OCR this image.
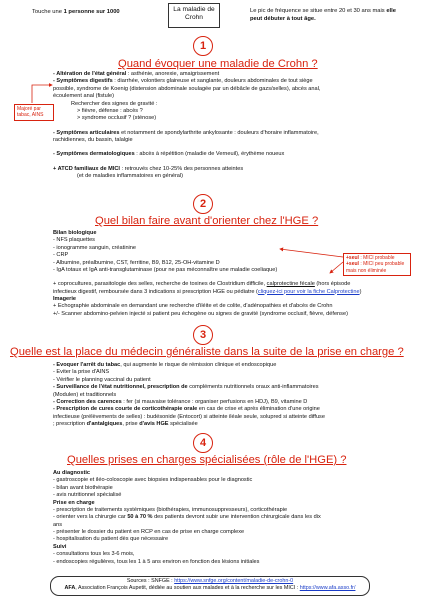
Touche une 1 personne sur 1000	La maladie de
Crohn
Le pic de fréquence se situe entre 20 et 30 ans mais elle peut débuter à tout âge.
1
Quand évoquer une maladie de Crohn ?

- Altération de l'état général : asthénie, anorexie, amaigrissement

- Symptômes digestifs : diarrhée, volontiers glaireuse et sanglante, douleurs abdominales de tout siège

possible, syndrome de Koenig (distension abdominale soulagée par un débâcle de gazs/selles), abcès anal,

écoulement anal (fistule)

Rechercher des signes de gravité :

> fièvre, défense : abcès ?

> syndrome occlusif ? (sténose)

- Symptômes articulaires et notamment de spondylarthrite ankylosante : douleurs d'horaire inflammatoire,

rachidiennes, du bassin, talalgie

- Symptômes dermatologiques : abcès à répétition (maladie de Verneuil), érythème noueux

+ ATCD familiaux de MICI : retrouvés chez 10-25% des personnes atteintes

(et de maladies inflammatoires en général)

Majoré par tabac, AINS
2
Quel bilan faire avant d'orienter chez l'HGE ?

Bilan biologique

- NFS plaquettes

- ionogramme sanguin, créatinine

- CRP

- Albumine, préalbumine, CST, ferritine, B9, B12, 25-OH-vitamine D

- IgA totaux et IgA anti-transglutaminase (pour ne pas méconnaître une maladie coeliaque)

+ coprocultures, parasitologie des selles, recherche de toxines de Clostridium difficile, calprotectine fécale (hors épisode

infectieux digestif, remboursée dans 3 indications si prescription HGE ou pédiatre (cliquez-ici pour voir la fiche Calprotectine)

Imagerie

+ Echographie abdominale en demandant une recherche d'iléite et de colite, d'adénopathies et d'abcès de Crohn

+/- Scanner abdomino-pelvien injecté si patient peu échogène ou signes de gravité (syndrome occlusif, fièvre, défense)

+seul : MICI probable
+seul : MICI peu probable mais non éliminée
3
Quelle est la place du médecin généraliste dans la suite de la prise en charge ?

- Evoquer l'arrêt du tabac, qui augmente le risque de rémission clinique et endoscopique

- Eviter la prise d'AINS

- Vérifier le planning vaccinal du patient

- Surveillance de l'état nutritionnel, prescription de compléments nutritionnels oraux anti-inflammatoires

(Modulen) et traditionnels

- Correction des carences : fer (si mauvaise tolérance : organiser perfusions en HDJ), B9, vitamine D

- Prescription de cures courte de corticothérapie orale en cas de crise et après élimination d'une origine

infectieuse (prélèvements de selles) : budésonide (Entocort) si atteinte iléale seule, solupred si atteinte diffuse

; prescription d'antalgiques, prise d'avis HGE spécialisée

4
Quelles prises en charges spécialisées (rôle de l'HGE) ?

Au diagnostic

- gastroscopie et iléo-coloscopie avec biopsies indispensables pour le diagnostic

- bilan avant biothérapie

- avis nutritionnel spécialisé

Prise en charge

- prescription de traitements systémiques (biothérapies, immunosuppresseurs), corticothérapie

- orienter vers la chirurgie car 50 à 70 % des patients devront subir une intervention chirurgicale dans les dix

ans

- présenter le dossier du patient en RCP en cas de prise en charge complexe

- hospitalisation du patient dès que nécessaire

Suivi

- consultations tous les 3-6 mois,

- endoscopies régulières, tous les 1 à 5 ans environ en fonction des lésions initiales

Sources : SNFGE : https://www.snfge.org/content/maladie-de-crohn-0
AFA, Association François Aupetit, dédiée au soutien aux malades et à la recherche sur les MICI : https://www.afa.asso.fr/
